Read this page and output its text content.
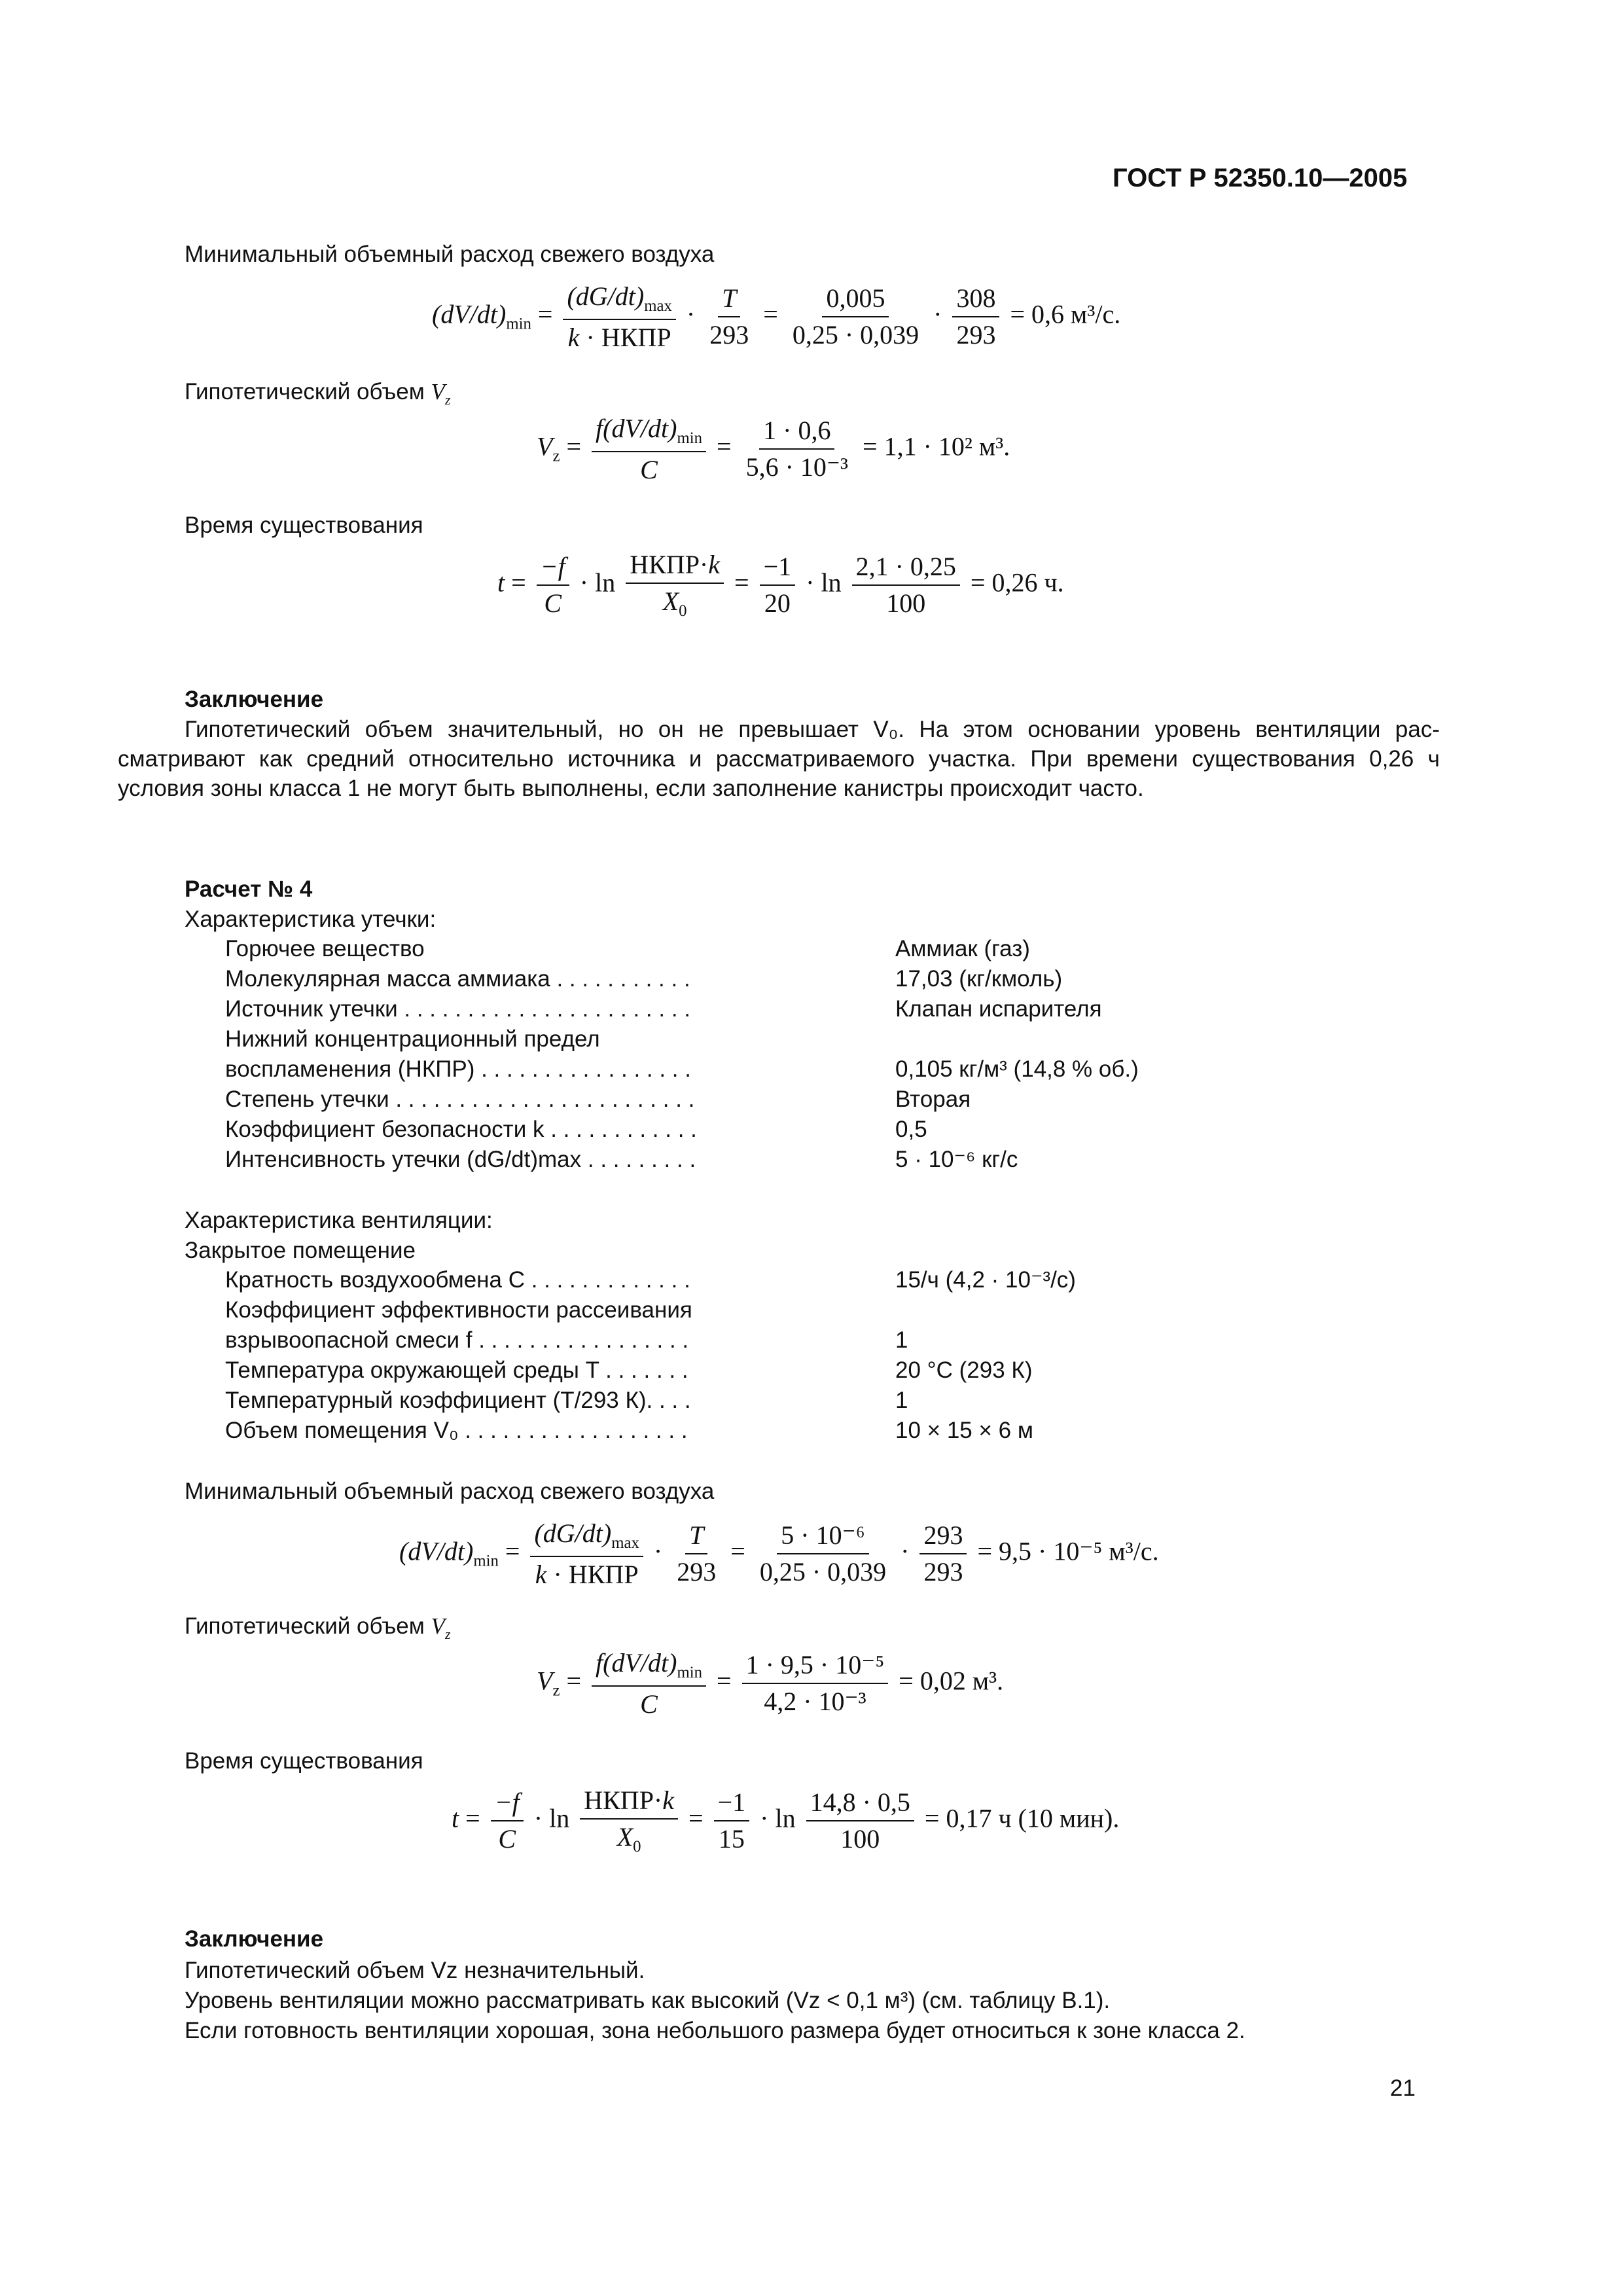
ГОСТ Р 52350.10—2005
Минимальный объемный расход свежего воздуха
$(dV/dt)_{min} = \frac{(dG/dt)_{max}}{\text{k · НКПР}} \cdot \frac{T}{293} = \frac{0,005}{0,25 \cdot 0,039} \cdot \frac{308}{293} = 0,6$ м³/с.
Гипотетический объем $V_z$
$V_z = \frac{f(dV/dt)_{min}}{C} = \frac{1 \cdot 0,6}{\text{5,6 · 10⁻³}} = 1,1 \cdot 10^2$ м³.
Время существования
$t = \frac{-f}{C} \cdot \ln \frac{\text{НКПР·k}}{X_0} = \frac{-1}{20} \cdot \ln \frac{2,1 \cdot 0,25}{100} = 0,26$ ч.
Заключение
Гипотетический объем значительный, но он не превышает V₀. На этом основании уровень вентиляции рас-сматривают как средний относительно источника и рассматриваемого участка. При времени существования 0,26 ч условия зоны класса 1 не могут быть выполнены, если заполнение канистры происходит часто.
Расчет № 4
Характеристика утечки:
Горючее вещество	Аммиак (газ)
Молекулярная масса аммиака . . . . . . . . . . .	17,03 (кг/кмоль)
Источник утечки . . . . . . . . . . . . . . . . . . . . . . .	Клапан испарителя
Нижний концентрационный предел
воспламенения (НКПР) . . . . . . . . . . . . . . . . .	0,105 кг/м³ (14,8 % об.)
Степень утечки . . . . . . . . . . . . . . . . . . . . . . . .	Вторая
Коэффициент безопасности k . . . . . . . . . . . .	0,5
Интенсивность утечки (dG/dt)max . . . . . . . . .	5 · 10⁻⁶ кг/с
Характеристика вентиляции:
Закрытое помещение
Кратность воздухообмена С . . . . . . . . . . . . .	15/ч (4,2 · 10⁻³/с)
Коэффициент эффективности рассеивания
взрывоопасной смеси f . . . . . . . . . . . . . . . . .	1
Температура окружающей среды T . . . . . . .	20 °С (293 К)
Температурный коэффициент (T/293 К). . . .	1
Объем помещения V₀ . . . . . . . . . . . . . . . . . .	10 × 15 × 6 м
Минимальный объемный расход свежего воздуха
$(dV/dt)_{min} = \frac{(dG/dt)_{max}}{\text{k · НКПР}} \cdot \frac{T}{293} = \frac{\text{5 · 10⁻⁶}}{0,25 \cdot 0,039} \cdot \frac{293}{293} = 9,5 \cdot 10^{-5}$ м³/с.
Гипотетический объем $V_z$
$V_z = \frac{f(dV/dt)_{min}}{C} = \frac{\text{1 · 9,5 · 10⁻⁵}}{\text{4,2 · 10⁻³}} = 0,02$ м³.
Время существования
$t = \frac{-f}{C} \cdot \ln \frac{\text{НКПР·k}}{X_0} = \frac{-1}{15} \cdot \ln \frac{14,8 \cdot 0,5}{100} = 0,17$ ч (10 мин).
Заключение
Гипотетический объем Vz незначительный.
Уровень вентиляции можно рассматривать как высокий (Vz < 0,1 м³) (см. таблицу В.1).
Если готовность вентиляции хорошая, зона небольшого размера будет относиться к зоне класса 2.
21
